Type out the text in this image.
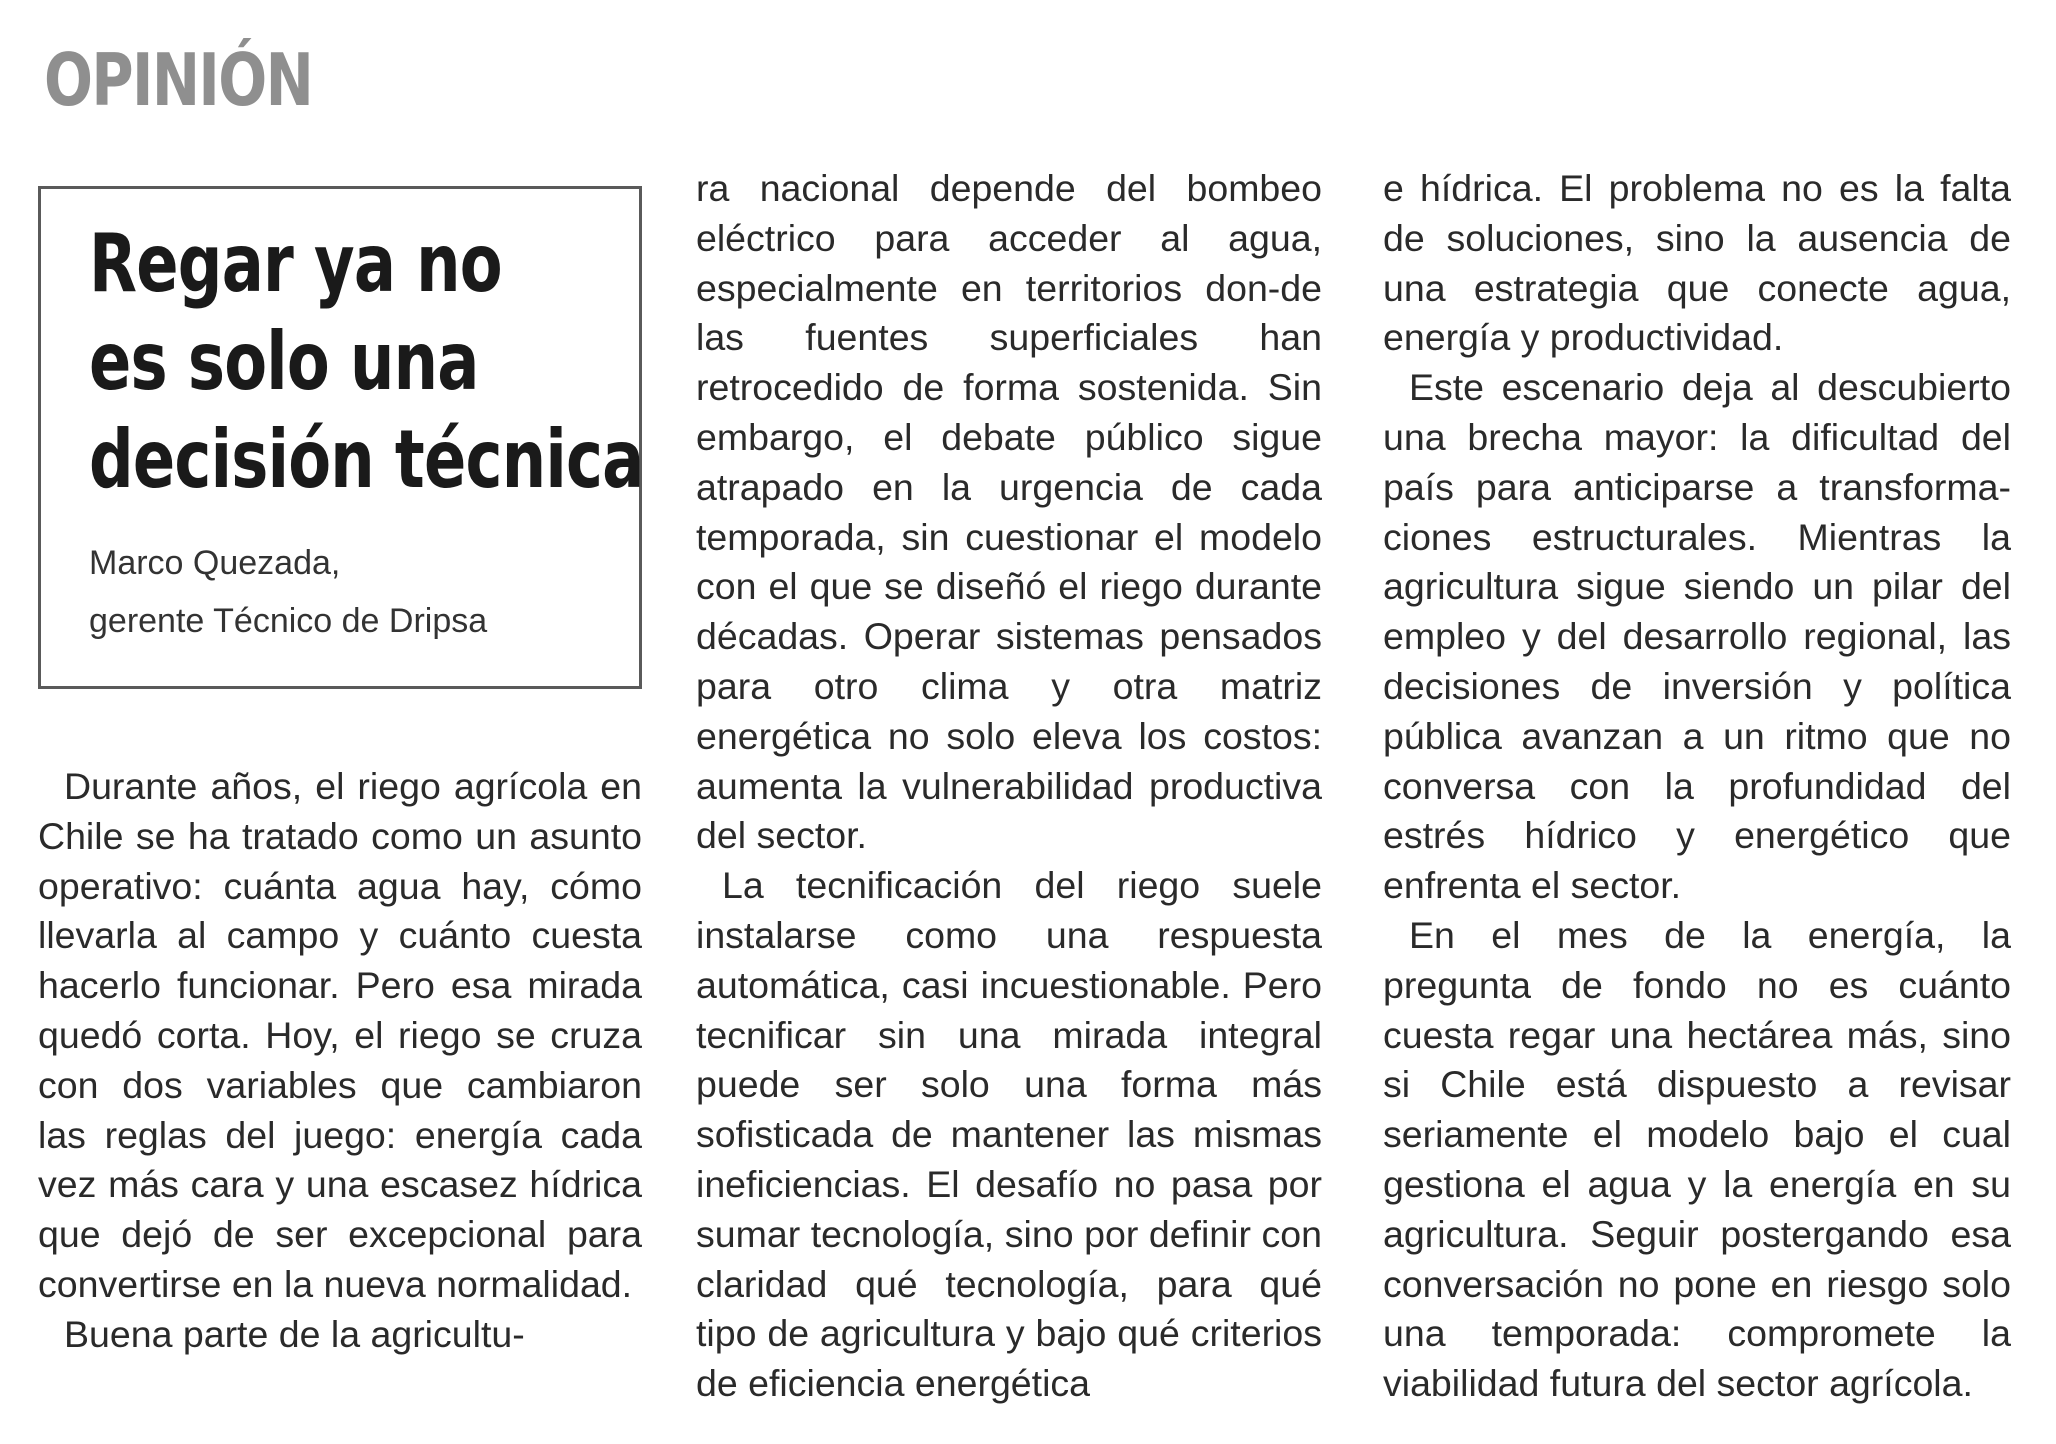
OPINIÓN
Regar ya no
es solo una
decisión técnica
Marco Quezada,
gerente Técnico de Dripsa

Durante años, el riego agrícola en Chile se ha tratado como un asunto operativo: cuánta agua hay, cómo llevarla al campo y cuánto cuesta hacerlo funcionar. Pero esa mirada quedó corta. Hoy, el riego se cruza con dos variables que cambiaron las reglas del juego: energía cada vez más cara y una escasez hídrica que dejó de ser excepcional para convertirse en la nueva normalidad.

Buena parte de la agricultu-

ra nacional depende del bombeo eléctrico para acceder al agua, especialmente en territorios don-de las fuentes superficiales han retrocedido de forma sostenida. Sin embargo, el debate público sigue atrapado en la urgencia de cada temporada, sin cuestionar el modelo con el que se diseñó el riego durante décadas. Operar sistemas pensados para otro clima y otra matriz energética no solo eleva los costos: aumenta la vulnerabilidad productiva del sector.

La tecnificación del riego suele instalarse como una respuesta automática, casi incuestionable. Pero tecnificar sin una mirada integral puede ser solo una forma más sofisticada de mantener las mismas ineficiencias. El desafío no pasa por sumar tecnología, sino por definir con claridad qué tecnología, para qué tipo de agricultura y bajo qué criterios de eficiencia energética

e hídrica. El problema no es la falta de soluciones, sino la ausencia de una estrategia que conecte agua, energía y productividad.

Este escenario deja al descubierto una brecha mayor: la dificultad del país para anticiparse a transforma-ciones estructurales. Mientras la agricultura sigue siendo un pilar del empleo y del desarrollo regional, las decisiones de inversión y política pública avanzan a un ritmo que no conversa con la profundidad del estrés hídrico y energético que enfrenta el sector.

En el mes de la energía, la pregunta de fondo no es cuánto cuesta regar una hectárea más, sino si Chile está dispuesto a revisar seriamente el modelo bajo el cual gestiona el agua y la energía en su agricultura. Seguir postergando esa conversación no pone en riesgo solo una temporada: compromete la viabilidad futura del sector agrícola.
